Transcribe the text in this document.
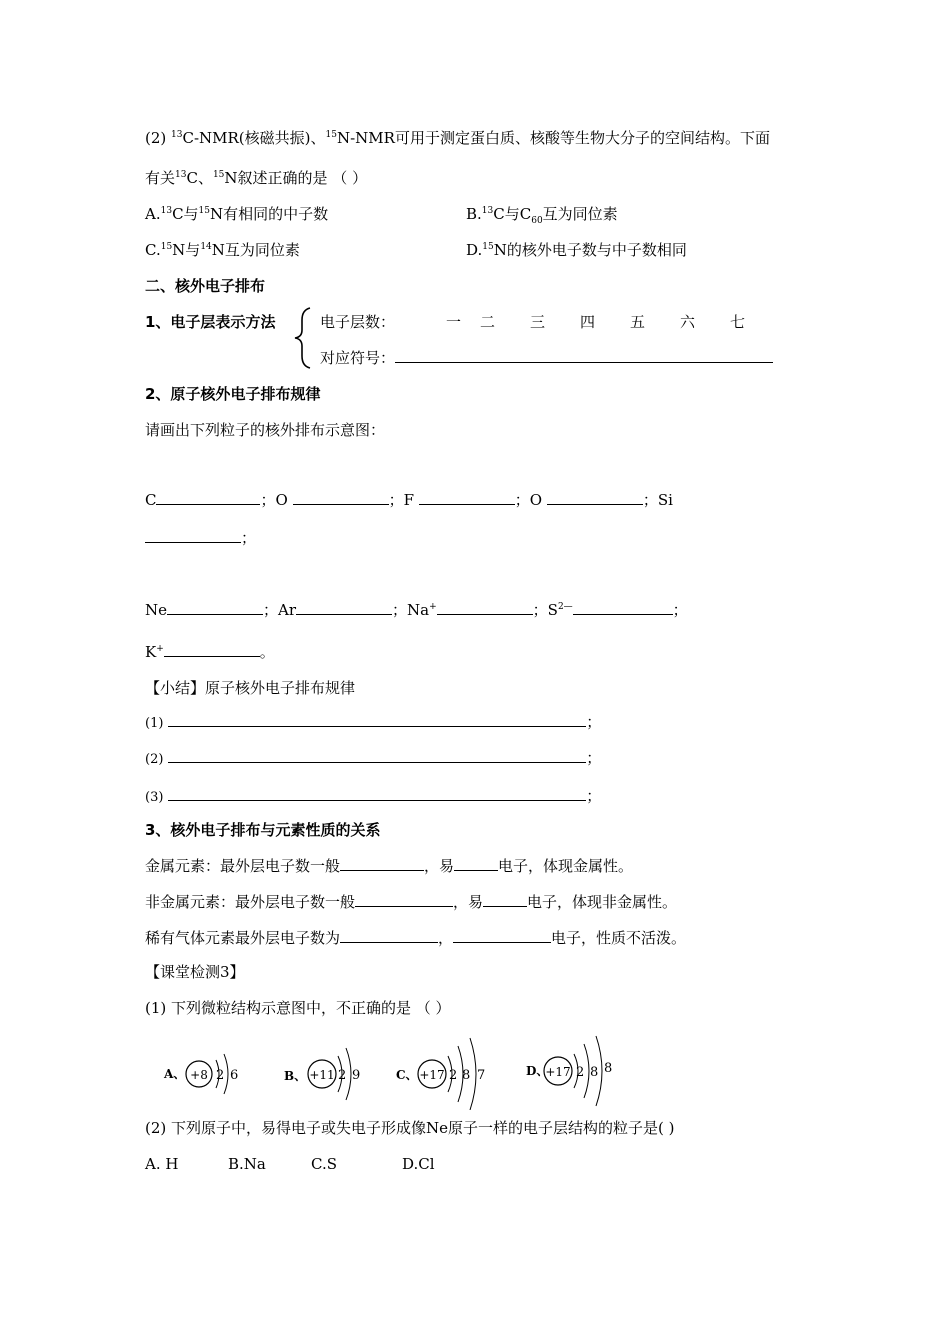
(2) $^{13}$C-NMR(核磁共振)、$^{15}$N-NMR可用于测定蛋白质、核酸等生物大分子的空间结构。下面
有关$^{13}$C、$^{15}$N叙述正确的是 （ ）
A.$^{13}$C与$^{15}$N有相同的中子数	B.$^{13}$C与$C_{60}$互为同位素
C.$^{15}$N与$^{14}$N互为同位素	D.$^{15}$N的核外电子数与中子数相同
二、核外电子排布
1、电子层表示方法	电子层数：	一 二 三 四 五 六 七
对应符号：
2、原子核外电子排布规律
请画出下列粒子的核外排布示意图：
C	；O	；F	；O	；Si
；
Ne	；Ar	；Na+	；$S^{2—}$	；
K+	。
【小结】原子核外电子排布规律
(1)	；
(2)	；
(3)	；
3、核外电子排布与元素性质的关系
金属元素：最外层电子数一般	，易	电子，体现金属性。
非金属元素：最外层电子数一般	，易	电子，体现非金属性。
稀有气体元素最外层电子数为	，	电子，性质不活泼。
【课堂检测3】
(1) 下列微粒结构示意图中，不正确的是 （ ）
A、 +8 2 6	B、 +11 2 9	C、 +17 2 8 7	D、
+17 2 8 8
(2) 下列原子中，易得电子或失电子形成像Ne原子一样的电子层结构的粒子是( )
A. H	B.Na	C.S	D.Cl
